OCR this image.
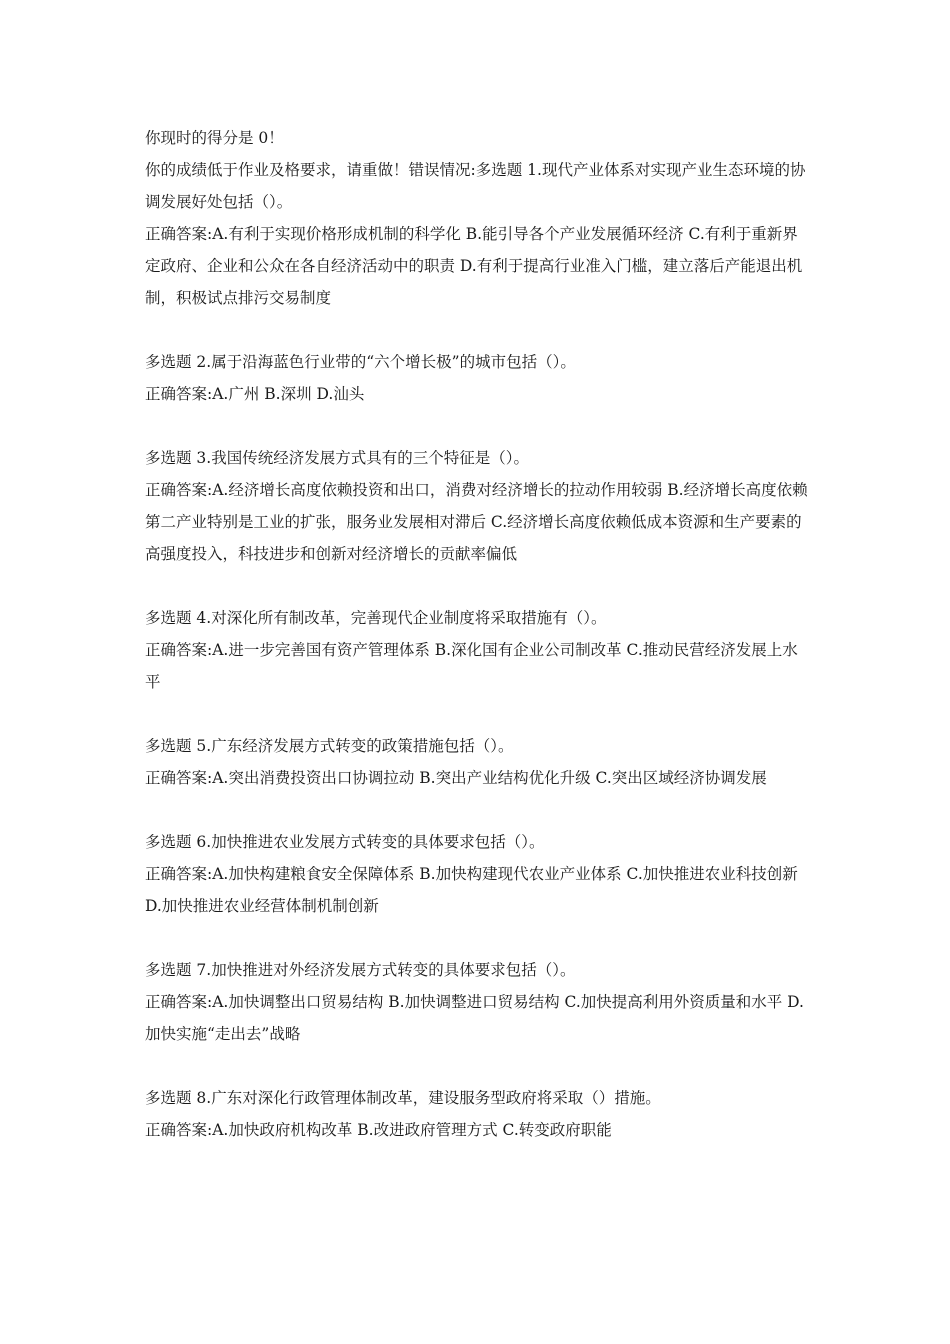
你现时的得分是 0！

你的成绩低于作业及格要求，请重做！错误情况:多选题 1.现代产业体系对实现产业生态环境的协调发展好处包括（）。

正确答案:A.有利于实现价格形成机制的科学化 B.能引导各个产业发展循环经济 C.有利于重新界定政府、企业和公众在各自经济活动中的职责 D.有利于提高行业准入门槛，建立落后产能退出机制，积极试点排污交易制度

多选题 2.属于沿海蓝色行业带的“六个增长极”的城市包括（）。

正确答案:A.广州 B.深圳 D.汕头

多选题 3.我国传统经济发展方式具有的三个特征是（）。

正确答案:A.经济增长高度依赖投资和出口，消费对经济增长的拉动作用较弱 B.经济增长高度依赖第二产业特别是工业的扩张，服务业发展相对滞后 C.经济增长高度依赖低成本资源和生产要素的高强度投入，科技进步和创新对经济增长的贡献率偏低

多选题 4.对深化所有制改革，完善现代企业制度将采取措施有（）。

正确答案:A.进一步完善国有资产管理体系 B.深化国有企业公司制改革 C.推动民营经济发展上水平

多选题 5.广东经济发展方式转变的政策措施包括（）。

正确答案:A.突出消费投资出口协调拉动 B.突出产业结构优化升级 C.突出区域经济协调发展

多选题 6.加快推进农业发展方式转变的具体要求包括（）。

正确答案:A.加快构建粮食安全保障体系 B.加快构建现代农业产业体系 C.加快推进农业科技创新 D.加快推进农业经营体制机制创新

多选题 7.加快推进对外经济发展方式转变的具体要求包括（）。

正确答案:A.加快调整出口贸易结构 B.加快调整进口贸易结构 C.加快提高利用外资质量和水平 D.加快实施“走出去”战略

多选题 8.广东对深化行政管理体制改革，建设服务型政府将采取（）措施。

正确答案:A.加快政府机构改革 B.改进政府管理方式 C.转变政府职能
